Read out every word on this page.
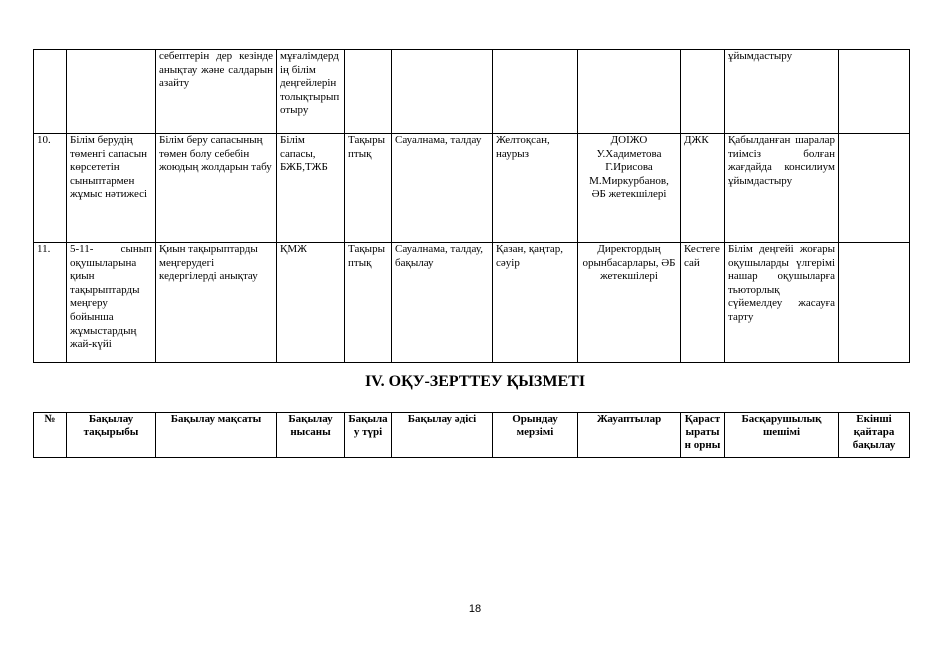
		себептерін дер кезінде анықтау және салдарын азайту	мұғалімдердің білім деңгейлерін толықтырып отыру						ұйымдастыру	
10.	Білім берудің төменгі сапасын көрсететін сыныптармен жұмыс нәтижесі	Білім беру сапасының төмен болу себебін жоюдың жолдарын табу	Білім сапасы, БЖБ,ТЖБ	Тақырыптық	Сауалнама, талдау	Желтоқсан, наурыз	ДОІЖО У.Хадиметова Г.Ирисова М.Миркурбанов, ӘБ жетекшілері	ДЖК	Қабылданған шаралар тиімсіз болған жағдайда консилиум ұйымдастыру	
11.	5-11- сынып оқушыларына қиын тақырыптарды меңгеру бойынша жұмыстардың жай-күйі	Қиын тақырыптарды меңгерудегі кедергілерді анықтау	ҚМЖ	Тақырыптық	Сауалнама, талдау, бақылау	Қазан, қаңтар, сәуір	Директордың орынбасарлары, ӘБ жетекшілері	Кестеге сай	Білім деңгейі жоғары оқушыларды үлгерімі нашар оқушыларға тьюторлық сүйемелдеу жасауға тарту	
IV. ОҚУ-ЗЕРТТЕУ ҚЫЗМЕТІ
№	Бақылау тақырыбы	Бақылау мақсаты	Бақылау нысаны	Бақылау түрі	Бақылау әдісі	Орындау мерзімі	Жауаптылар	Қарастыратын орны	Басқарушылық шешімі	Екінші қайтара бақылау
18
